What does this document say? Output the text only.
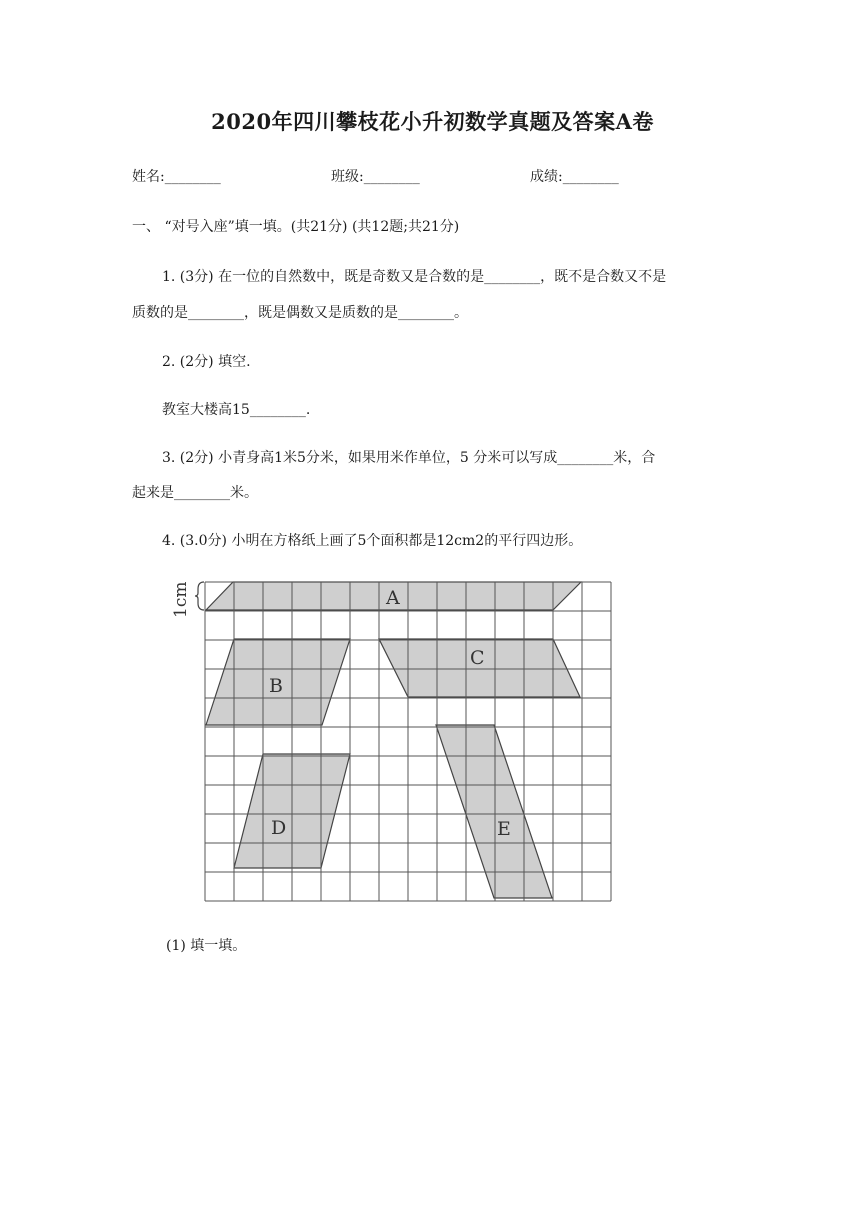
2020年四川攀枝花小升初数学真题及答案A卷
姓名:________	班级:________	成绩:________
一、 “对号入座”填一填。(共21分) (共12题;共21分)
1. (3分) 在一位的自然数中，既是奇数又是合数的是________，既不是合数又不是
质数的是________，既是偶数又是质数的是________。
2. (2分) 填空.
教室大楼高15________.
3. (2分) 小青身高1米5分米，如果用米作单位，5 分米可以写成________米，合
起来是________米。
4. (3.0分) 小明在方格纸上画了5个面积都是12cm2的平行四边形。
1cm	A
B
C
D	E
(1) 填一填。
